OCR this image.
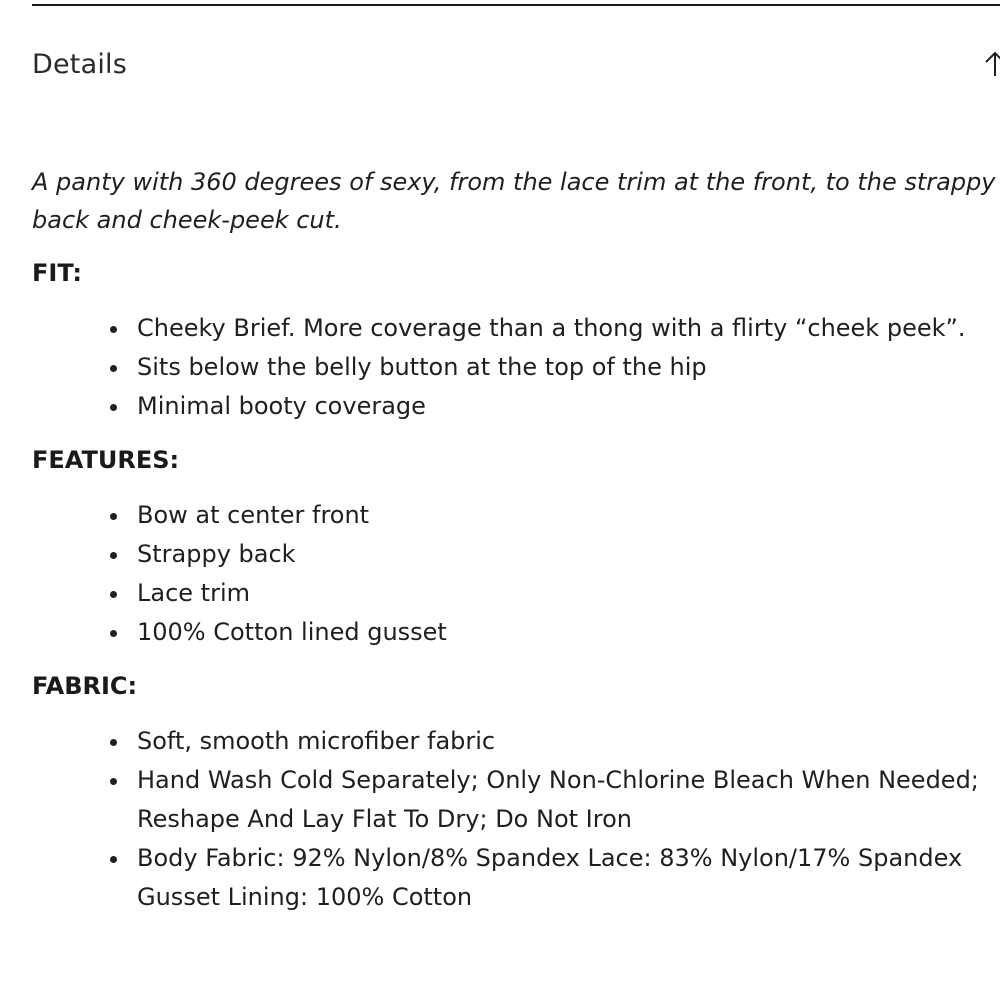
Details

A panty with 360 degrees of sexy, from the lace trim at the front, to the strappy back and cheek-peek cut.

FIT:
Cheeky Brief. More coverage than a thong with a flirty “cheek peek”.
Sits below the belly button at the top of the hip
Minimal booty coverage
FEATURES:
Bow at center front
Strappy back
Lace trim
100% Cotton lined gusset
FABRIC:
Soft, smooth microfiber fabric
Hand Wash Cold Separately; Only Non-Chlorine Bleach When Needed; Reshape And Lay Flat To Dry; Do Not Iron
Body Fabric: 92% Nylon/8% Spandex Lace: 83% Nylon/17% Spandex Gusset Lining: 100% Cotton
